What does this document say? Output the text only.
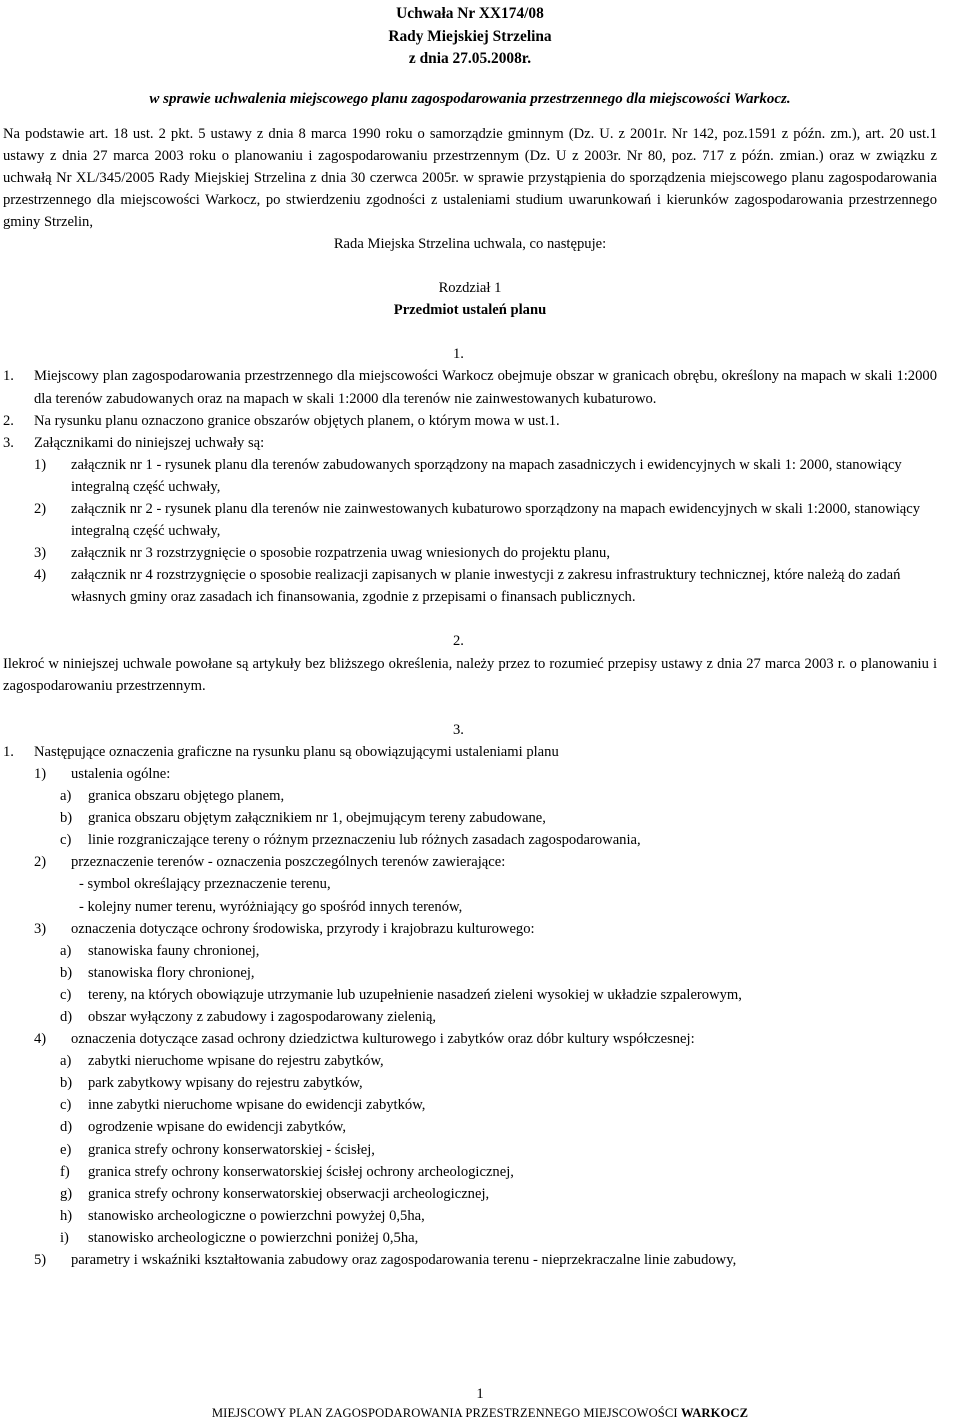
Uchwała Nr XX174/08

Rady Miejskiej Strzelina

z dnia 27.05.2008r.

w sprawie uchwalenia miejscowego planu zagospodarowania przestrzennego dla miejscowości Warkocz.

Na podstawie art. 18 ust. 2 pkt. 5 ustawy z dnia 8 marca 1990 roku o samorządzie gminnym (Dz. U. z 2001r. Nr 142, poz.1591 z późn. zm.), art. 20 ust.1 ustawy z dnia 27 marca 2003 roku o planowaniu i zagospodarowaniu przestrzennym (Dz. U z 2003r. Nr 80, poz. 717 z późn. zmian.) oraz w związku z uchwałą Nr XL/345/2005 Rady Miejskiej Strzelina z dnia 30 czerwca 2005r. w sprawie przystąpienia do sporządzenia miejscowego planu zagospodarowania przestrzennego dla miejscowości Warkocz, po stwierdzeniu zgodności z ustaleniami studium uwarunkowań i kierunków zagospodarowania przestrzennego gminy Strzelin,

Rada Miejska Strzelina uchwala, co następuje:

Rozdział 1

Przedmiot ustaleń planu

1.

1.	Miejscowy plan zagospodarowania przestrzennego dla miejscowości Warkocz obejmuje obszar w granicach obrębu, określony na mapach w skali 1:2000 dla terenów zabudowanych oraz na mapach w skali 1:2000 dla terenów nie zainwestowanych kubaturowo.
2.	Na rysunku planu oznaczono granice obszarów objętych planem, o którym mowa w ust.1.
3.	Załącznikami do niniejszej uchwały są:
1)	załącznik nr 1 - rysunek planu dla terenów zabudowanych sporządzony na mapach zasadniczych i ewidencyjnych w skali 1: 2000, stanowiący integralną część uchwały,
2)	załącznik nr 2 - rysunek planu dla terenów nie zainwestowanych kubaturowo sporządzony na mapach ewidencyjnych w skali 1:2000, stanowiący integralną część uchwały,
3)	załącznik nr 3 rozstrzygnięcie o sposobie rozpatrzenia uwag wniesionych do projektu planu,
4)	załącznik nr 4 rozstrzygnięcie o sposobie realizacji zapisanych w planie inwestycji z zakresu infrastruktury technicznej, które należą do zadań własnych gminy oraz zasadach ich finansowania, zgodnie z przepisami o finansach publicznych.

2.

Ilekroć w niniejszej uchwale powołane są artykuły bez bliższego określenia, należy przez to rozumieć przepisy ustawy z dnia 27 marca 2003 r. o planowaniu i zagospodarowaniu przestrzennym.

3.

1.	Następujące oznaczenia graficzne na rysunku planu są obowiązującymi ustaleniami planu
1)	ustalenia ogólne:
a)	granica obszaru objętego planem,
b)	granica obszaru objętym załącznikiem nr 1, obejmującym tereny zabudowane,
c)	linie rozgraniczające tereny o różnym przeznaczeniu lub różnych zasadach zagospodarowania,
2)	przeznaczenie terenów - oznaczenia poszczególnych terenów zawierające:

- symbol określający przeznaczenie terenu,

- kolejny numer terenu, wyróżniający go spośród innych terenów,

3)	oznaczenia dotyczące ochrony środowiska, przyrody i krajobrazu kulturowego:
a)	stanowiska fauny chronionej,
b)	stanowiska flory chronionej,
c)	tereny, na których obowiązuje utrzymanie lub uzupełnienie nasadzeń zieleni wysokiej w układzie szpalerowym,
d)	obszar wyłączony z zabudowy i zagospodarowany zielenią,
4)	oznaczenia dotyczące zasad ochrony dziedzictwa kulturowego i zabytków oraz dóbr kultury współczesnej:
a)	zabytki nieruchome wpisane do rejestru zabytków,
b)	park zabytkowy wpisany do rejestru zabytków,
c)	inne zabytki nieruchome wpisane do ewidencji zabytków,
d)	ogrodzenie wpisane do ewidencji zabytków,
e)	granica strefy ochrony konserwatorskiej - ścisłej,
f)	granica strefy ochrony konserwatorskiej ścisłej ochrony archeologicznej,
g)	granica strefy ochrony konserwatorskiej obserwacji archeologicznej,
h)	stanowisko archeologiczne o powierzchni powyżej 0,5ha,
i)	stanowisko archeologiczne o powierzchni poniżej 0,5ha,
5)	parametry i wskaźniki kształtowania zabudowy oraz zagospodarowania terenu - nieprzekraczalne linie zabudowy,
1
MIEJSCOWY PLAN ZAGOSPODAROWANIA PRZESTRZENNEGO MIEJSCOWOŚCI WARKOCZ
